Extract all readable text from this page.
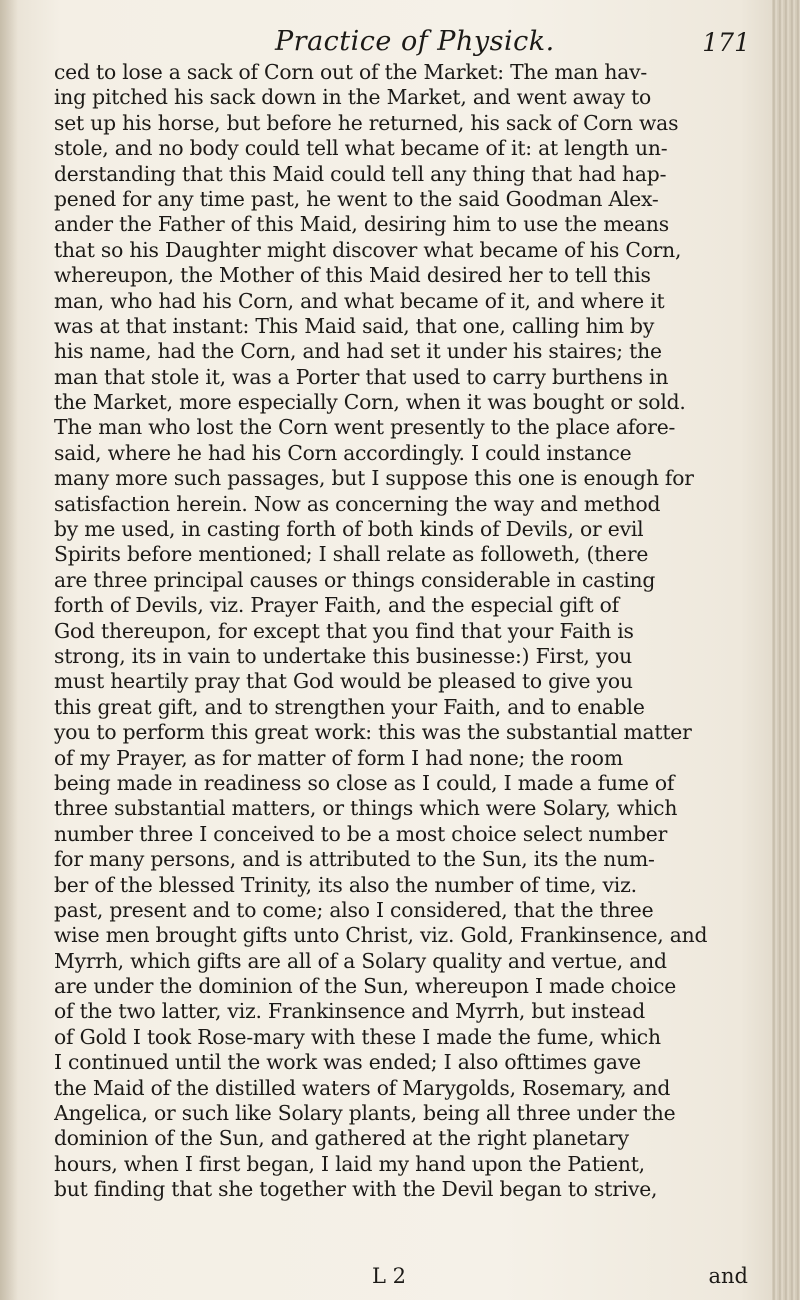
Practice of Physick.	171
ced to lose a sack of Corn out of the Market: The man hav-
ing pitched his sack down in the Market, and went away to
set up his horse, but before he returned, his sack of Corn was
stole, and no body could tell what became of it: at length un-
derstanding that this Maid could tell any thing that had hap-
pened for any time past, he went to the said Goodman Alex-
ander the Father of this Maid, desiring him to use the means
that so his Daughter might discover what became of his Corn,
whereupon, the Mother of this Maid desired her to tell this
man, who had his Corn, and what became of it, and where it
was at that instant: This Maid said, that one, calling him by
his name, had the Corn, and had set it under his staires; the
man that stole it, was a Porter that used to carry burthens in
the Market, more especially Corn, when it was bought or sold.
The man who lost the Corn went presently to the place afore-
said, where he had his Corn accordingly. I could instance
many more such passages, but I suppose this one is enough for
satisfaction herein. Now as concerning the way and method
by me used, in casting forth of both kinds of Devils, or evil
Spirits before mentioned; I shall relate as followeth, (there
are three principal causes or things considerable in casting
forth of Devils, viz. Prayer Faith, and the especial gift of
God thereupon, for except that you find that your Faith is
strong, its in vain to undertake this businesse:) First, you
must heartily pray that God would be pleased to give you
this great gift, and to strengthen your Faith, and to enable
you to perform this great work: this was the substantial matter
of my Prayer, as for matter of form I had none; the room
being made in readiness so close as I could, I made a fume of
three substantial matters, or things which were Solary, which
number three I conceived to be a most choice select number
for many persons, and is attributed to the Sun, its the num-
ber of the blessed Trinity, its also the number of time, viz.
past, present and to come; also I considered, that the three
wise men brought gifts unto Christ, viz. Gold, Frankinsence, and
Myrrh, which gifts are all of a Solary quality and vertue, and
are under the dominion of the Sun, whereupon I made choice
of the two latter, viz. Frankinsence and Myrrh, but instead
of Gold I took Rose-mary with these I made the fume, which
I continued until the work was ended; I also ofttimes gave
the Maid of the distilled waters of Marygolds, Rosemary, and
Angelica, or such like Solary plants, being all three under the
dominion of the Sun, and gathered at the right planetary
hours, when I first began, I laid my hand upon the Patient,
but finding that she together with the Devil began to strive,
L 2	and
